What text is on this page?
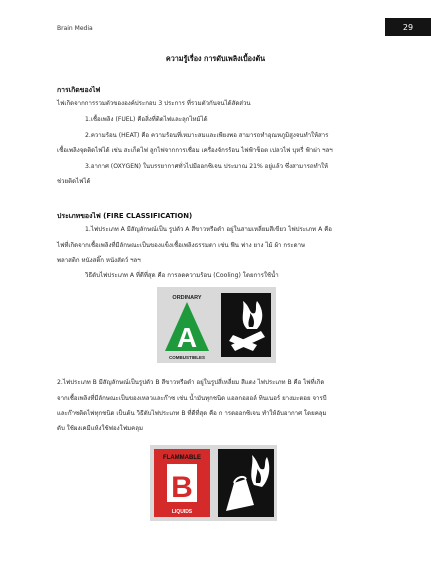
Brain Media	29
ความรู้เรื่อง การดับเพลิงเบื้องต้น
การเกิดของไฟ
ไฟเกิดจากการรวมตัวขององค์ประกอบ 3 ประการ ที่รวมตัวกันจนได้สัดส่วน
1.เชื้อเพลิง (FUEL) คือสิ่งที่ติดไฟและลุกไหม้ได้
2.ความร้อน (HEAT) คือ ความร้อนที่เหมาะสมและเพียงพอ สามารถทำอุณหภูมิสูงจนทำให้สาร
เชื้อเพลิงจุดติดไฟได้ เช่น สะเก็ดไฟ ลูกไฟจากการเชื่อม เครื่องจักรร้อน ไฟฟ้าช็อต เปลวไฟ บุหรี่ ฟ้าผ่า ฯลฯ
3.อากาศ (OXYGEN) ในบรรยากาศทั่วไปมีออกซิเจน ประมาณ 21% อยู่แล้ว ซึ่งสามารถทำให้
ช่วยติดไฟได้
ประเภทของไฟ (FIRE CLASSIFICATION)
1.ไฟประเภท A มีสัญลักษณ์เป็น รูปตัว A สีขาวหรือดำ อยู่ในสามเหลี่ยมสีเขียว ไฟประเภท A คือ
ไฟที่เกิดจากเชื้อเพลิงที่มีลักษณะเป็นของแข็งเชื้อเพลิงธรรมดา เช่น ฟืน ฟาง ยาง ไม้ ผ้า กระดาษ
พลาสติก หนังสติ๊ก หนังสัตว์ ฯลฯ
วิธีดับไฟประเภท A ที่ดีที่สุด คือ การลดความร้อน (Cooling) โดยการใช้น้ำ
ORDINARY
A
COMBUSTIBLES
2.ไฟประเภท B มีสัญลักษณ์เป็นรูปตัว B สีขาวหรือดำ อยู่ในรูปสี่เหลี่ยม สีแดง ไฟประเภท B คือ ไฟที่เกิด
จากเชื้อเพลิงที่มีลักษณะเป็นของเหลวและก๊าซ เช่น น้ำมันทุกชนิด แอลกอฮอล์ ทินเนอร์ ยางมะตอย จารบี
และก๊าซติดไฟทุกชนิด เป็นต้น วิธีดับไฟประเภท B ที่ดีที่สุด คือ ก ารดออกซิเจน ทำให้อับอากาศ โดยคลุม
ดับ ใช้ผงเคมีแห้งใช้ฟองโฟมคลุม
FLAMMABLE
B
LIQUIDS
